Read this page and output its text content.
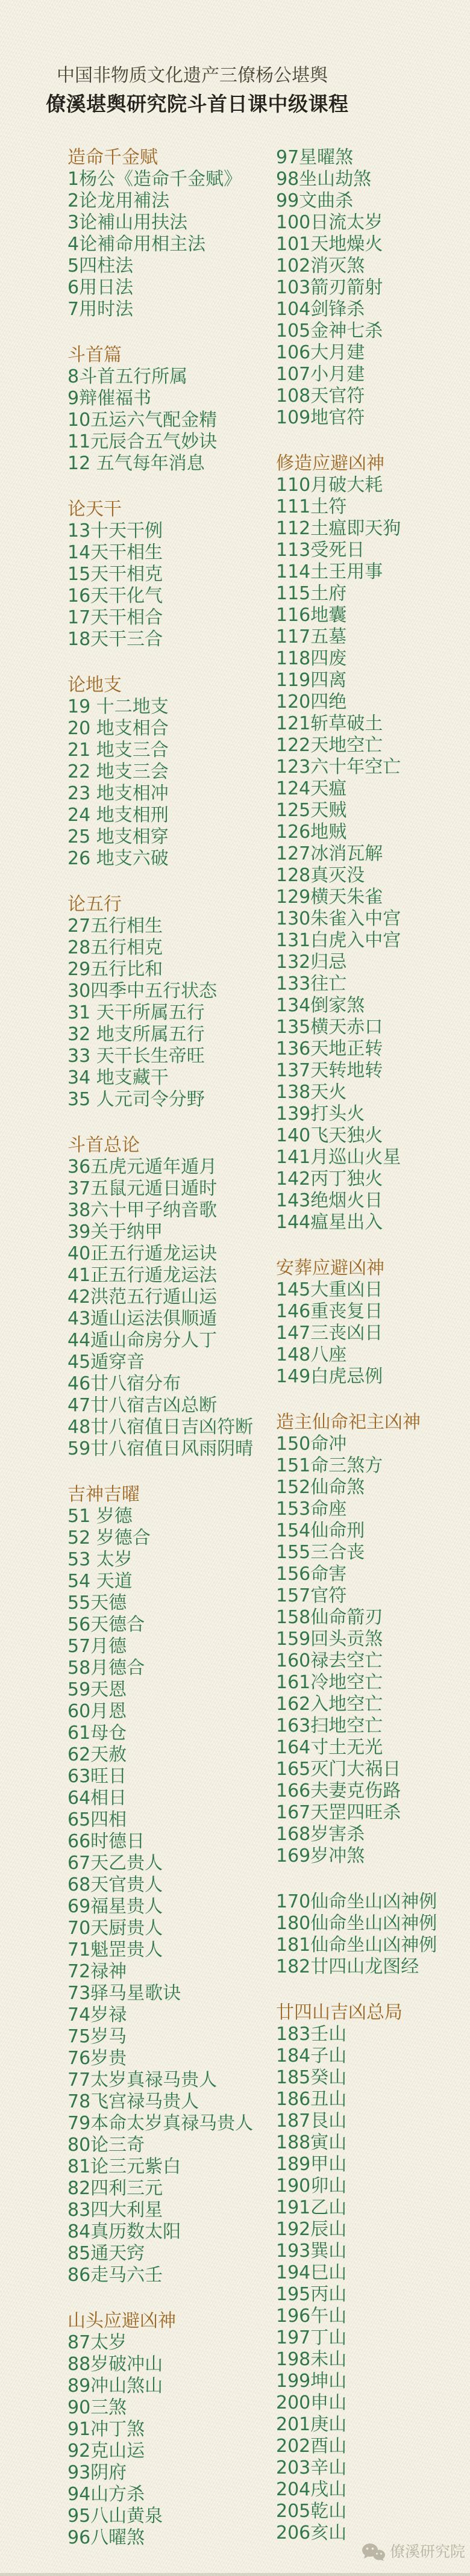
中国非物质文化遗产三僚杨公堪舆
僚溪堪舆研究院斗首日课中级课程
造命千金赋
1杨公《造命千金赋》
2论龙用補法
3论補山用扶法
4论補命用相主法
5四柱法
6用日法
7用时法
斗首篇
8斗首五行所属
9辩催福书
10五运六气配金精
11元辰合五气妙诀
12 五气每年消息
论天干
13十天干例
14天干相生
15天干相克
16天干化气
17天干相合
18天干三合
论地支
19 十二地支
20 地支相合
21 地支三合
22 地支三会
23 地支相冲
24 地支相刑
25 地支相穿
26 地支六破
论五行
27五行相生
28五行相克
29五行比和
30四季中五行状态
31 天干所属五行
32 地支所属五行
33 天干长生帝旺
34 地支藏干
35 人元司令分野
斗首总论
36五虎元遁年遁月
37五鼠元遁日遁时
38六十甲子纳音歌
39关于纳甲
40正五行遁龙运诀
41正五行遁龙运法
42洪范五行遁山运
43遁山运法俱顺遁
44遁山命房分人丁
45遁穿音
46廿八宿分布
47廿八宿吉凶总断
48廿八宿值日吉凶符断
59廿八宿值日风雨阴晴
吉神吉曜
51 岁德
52 岁德合
53 太岁
54 天道
55天德
56天德合
57月德
58月德合
59天恩
60月恩
61母仓
62天赦
63旺日
64相日
65四相
66时德日
67天乙贵人
68天官贵人
69福星贵人
70天厨贵人
71魁罡贵人
72禄神
73驿马星歌诀
74岁禄
75岁马
76岁贵
77太岁真禄马贵人
78飞宫禄马贵人
79本命太岁真禄马贵人
80论三奇
81论三元紫白
82四利三元
83四大利星
84真历数太阳
85通天窍
86走马六壬
山头应避凶神
87太岁
88岁破冲山
89冲山煞山
90三煞
91冲丁煞
92克山运
93阴府
94山方杀
95八山黄泉
96八曜煞
97星曜煞
98坐山劫煞
99文曲杀
100日流太岁
101天地燥火
102消灭煞
103箭刃箭射
104剑锋杀
105金神七杀
106大月建
107小月建
108天官符
109地官符
修造应避凶神
110月破大耗
111土符
112土瘟即天狗
113受死日
114土王用事
115土府
116地囊
117五墓
118四废
119四离
120四绝
121斩草破土
122天地空亡
123六十年空亡
124天瘟
125天贼
126地贼
127冰消瓦解
128真灭没
129横天朱雀
130朱雀入中宫
131白虎入中宫
132归忌
133往亡
134倒家煞
135横天赤口
136天地正转
137天转地转
138天火
139打头火
140飞天独火
141月巡山火星
142丙丁独火
143绝烟火日
144瘟星出入
安葬应避凶神
145大重凶日
146重丧复日
147三丧凶日
148八座
149白虎忌例
造主仙命祀主凶神
150命冲
151命三煞方
152仙命煞
153命座
154仙命刑
155三合丧
156命害
157官符
158仙命箭刃
159回头贡煞
160禄去空亡
161冷地空亡
162入地空亡
163扫地空亡
164寸土无光
165灭门大祸日
166夫妻克伤路
167天罡四旺杀
168岁害杀
169岁冲煞
170仙命坐山凶神例
180仙命坐山凶神例
181仙命坐山凶神例
182廿四山龙图经
廿四山吉凶总局
183壬山
184子山
185癸山
186丑山
187艮山
188寅山
189甲山
190卯山
191乙山
192辰山
193巽山
194巳山
195丙山
196午山
197丁山
198未山
199坤山
200申山
201庚山
202酉山
203辛山
204戌山
205乾山
206亥山
僚溪研究院
